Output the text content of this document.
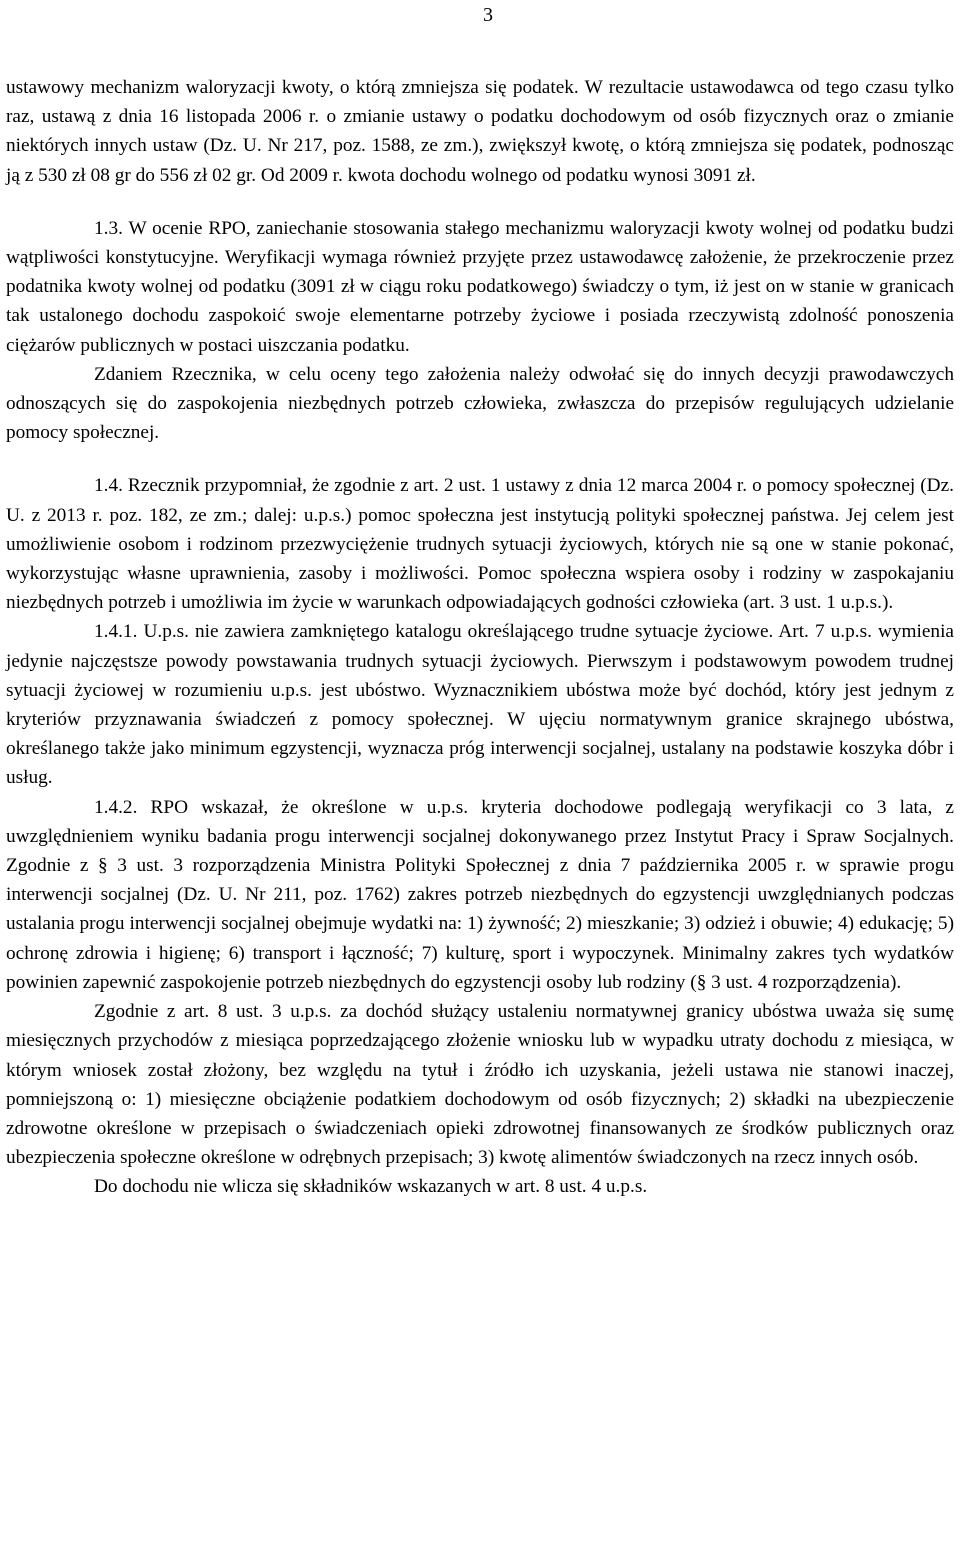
3

ustawowy mechanizm waloryzacji kwoty, o którą zmniejsza się podatek. W rezultacie ustawodawca od tego czasu tylko raz, ustawą z dnia 16 listopada 2006 r. o zmianie ustawy o podatku dochodowym od osób fizycznych oraz o zmianie niektórych innych ustaw (Dz. U. Nr 217, poz. 1588, ze zm.), zwiększył kwotę, o którą zmniejsza się podatek, podnosząc ją z 530 zł 08 gr do 556 zł 02 gr. Od 2009 r. kwota dochodu wolnego od podatku wynosi 3091 zł.

1.3. W ocenie RPO, zaniechanie stosowania stałego mechanizmu waloryzacji kwoty wolnej od podatku budzi wątpliwości konstytucyjne. Weryfikacji wymaga również przyjęte przez ustawodawcę założenie, że przekroczenie przez podatnika kwoty wolnej od podatku (3091 zł w ciągu roku podatkowego) świadczy o tym, iż jest on w stanie w granicach tak ustalonego dochodu zaspokoić swoje elementarne potrzeby życiowe i posiada rzeczywistą zdolność ponoszenia ciężarów publicznych w postaci uiszczania podatku.

Zdaniem Rzecznika, w celu oceny tego założenia należy odwołać się do innych decyzji prawodawczych odnoszących się do zaspokojenia niezbędnych potrzeb człowieka, zwłaszcza do przepisów regulujących udzielanie pomocy społecznej.

1.4. Rzecznik przypomniał, że zgodnie z art. 2 ust. 1 ustawy z dnia 12 marca 2004 r. o pomocy społecznej (Dz. U. z 2013 r. poz. 182, ze zm.; dalej: u.p.s.) pomoc społeczna jest instytucją polityki społecznej państwa. Jej celem jest umożliwienie osobom i rodzinom przezwyciężenie trudnych sytuacji życiowych, których nie są one w stanie pokonać, wykorzystując własne uprawnienia, zasoby i możliwości. Pomoc społeczna wspiera osoby i rodziny w zaspokajaniu niezbędnych potrzeb i umożliwia im życie w warunkach odpowiadających godności człowieka (art. 3 ust. 1 u.p.s.).

1.4.1. U.p.s. nie zawiera zamkniętego katalogu określającego trudne sytuacje życiowe. Art. 7 u.p.s. wymienia jedynie najczęstsze powody powstawania trudnych sytuacji życiowych. Pierwszym i podstawowym powodem trudnej sytuacji życiowej w rozumieniu u.p.s. jest ubóstwo. Wyznacznikiem ubóstwa może być dochód, który jest jednym z kryteriów przyznawania świadczeń z pomocy społecznej. W ujęciu normatywnym granice skrajnego ubóstwa, określanego także jako minimum egzystencji, wyznacza próg interwencji socjalnej, ustalany na podstawie koszyka dóbr i usług.

1.4.2. RPO wskazał, że określone w u.p.s. kryteria dochodowe podlegają weryfikacji co 3 lata, z uwzględnieniem wyniku badania progu interwencji socjalnej dokonywanego przez Instytut Pracy i Spraw Socjalnych. Zgodnie z § 3 ust. 3 rozporządzenia Ministra Polityki Społecznej z dnia 7 października 2005 r. w sprawie progu interwencji socjalnej (Dz. U. Nr 211, poz. 1762) zakres potrzeb niezbędnych do egzystencji uwzględnianych podczas ustalania progu interwencji socjalnej obejmuje wydatki na: 1) żywność; 2) mieszkanie; 3) odzież i obuwie; 4) edukację; 5) ochronę zdrowia i higienę; 6) transport i łączność; 7) kulturę, sport i wypoczynek. Minimalny zakres tych wydatków powinien zapewnić zaspokojenie potrzeb niezbędnych do egzystencji osoby lub rodziny (§ 3 ust. 4 rozporządzenia).

Zgodnie z art. 8 ust. 3 u.p.s. za dochód służący ustaleniu normatywnej granicy ubóstwa uważa się sumę miesięcznych przychodów z miesiąca poprzedzającego złożenie wniosku lub w wypadku utraty dochodu z miesiąca, w którym wniosek został złożony, bez względu na tytuł i źródło ich uzyskania, jeżeli ustawa nie stanowi inaczej, pomniejszoną o: 1) miesięczne obciążenie podatkiem dochodowym od osób fizycznych; 2) składki na ubezpieczenie zdrowotne określone w przepisach o świadczeniach opieki zdrowotnej finansowanych ze środków publicznych oraz ubezpieczenia społeczne określone w odrębnych przepisach; 3) kwotę alimentów świadczonych na rzecz innych osób.

Do dochodu nie wlicza się składników wskazanych w art. 8 ust. 4 u.p.s.
